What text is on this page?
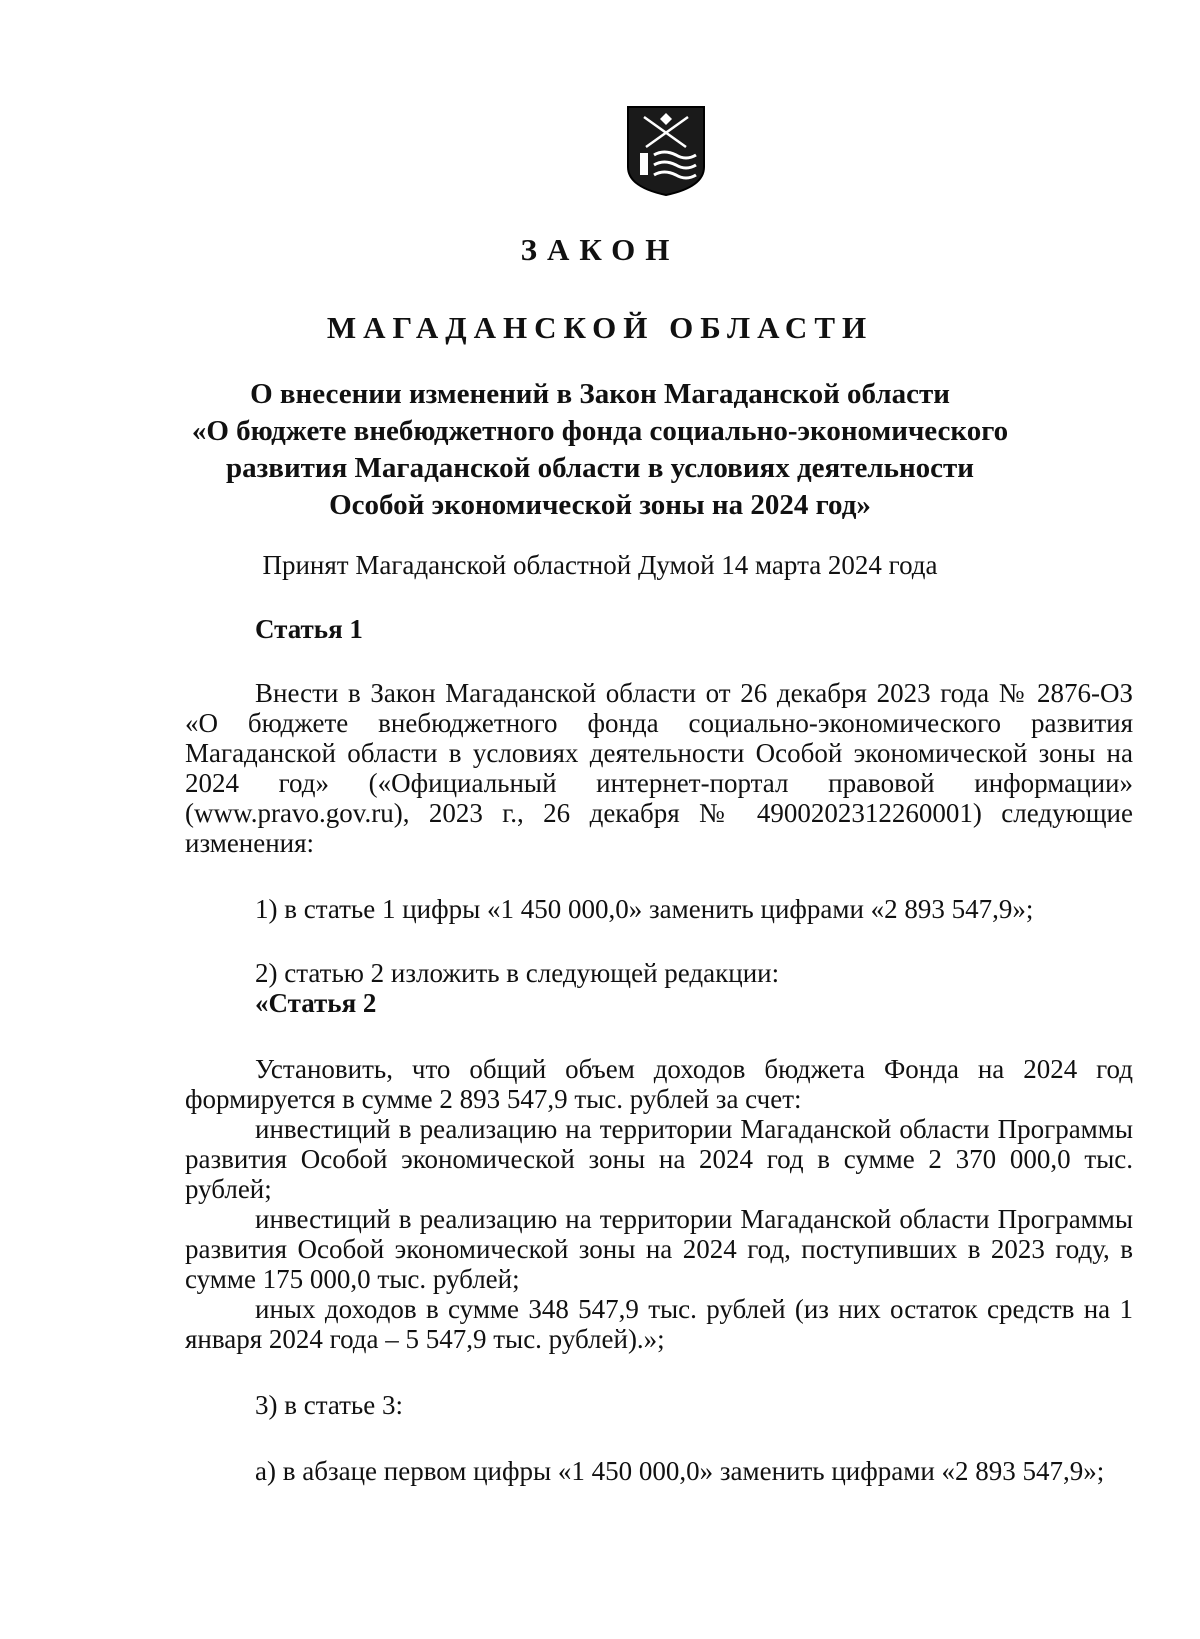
ЗАКОН
МАГАДАНСКОЙ ОБЛАСТИ
О внесении изменений в Закон Магаданской области
«О бюджете внебюджетного фонда социально-экономического
развития Магаданской области в условиях деятельности
Особой экономической зоны на 2024 год»

Принят Магаданской областной Думой 14 марта 2024 года

Статья 1

Внести в Закон Магаданской области от 26 декабря 2023 года № 2876-ОЗ «О бюджете внебюджетного фонда социально-экономического развития Магаданской области в условиях деятельности Особой экономической зоны на 2024 год» («Официальный интернет-портал правовой информации» (www.pravo.gov.ru), 2023 г., 26 декабря № 4900202312260001) следующие изменения:

1) в статье 1 цифры «1 450 000,0» заменить цифрами «2 893 547,9»;

2) статью 2 изложить в следующей редакции:

«Статья 2

Установить, что общий объем доходов бюджета Фонда на 2024 год формируется в сумме 2 893 547,9 тыс. рублей за счет:

инвестиций в реализацию на территории Магаданской области Программы развития Особой экономической зоны на 2024 год в сумме 2 370 000,0 тыс. рублей;

инвестиций в реализацию на территории Магаданской области Программы развития Особой экономической зоны на 2024 год, поступивших в 2023 году, в сумме 175 000,0 тыс. рублей;

иных доходов в сумме 348 547,9 тыс. рублей (из них остаток средств на 1 января 2024 года – 5 547,9 тыс. рублей).»;

3) в статье 3:

а) в абзаце первом цифры «1 450 000,0» заменить цифрами «2 893 547,9»;
